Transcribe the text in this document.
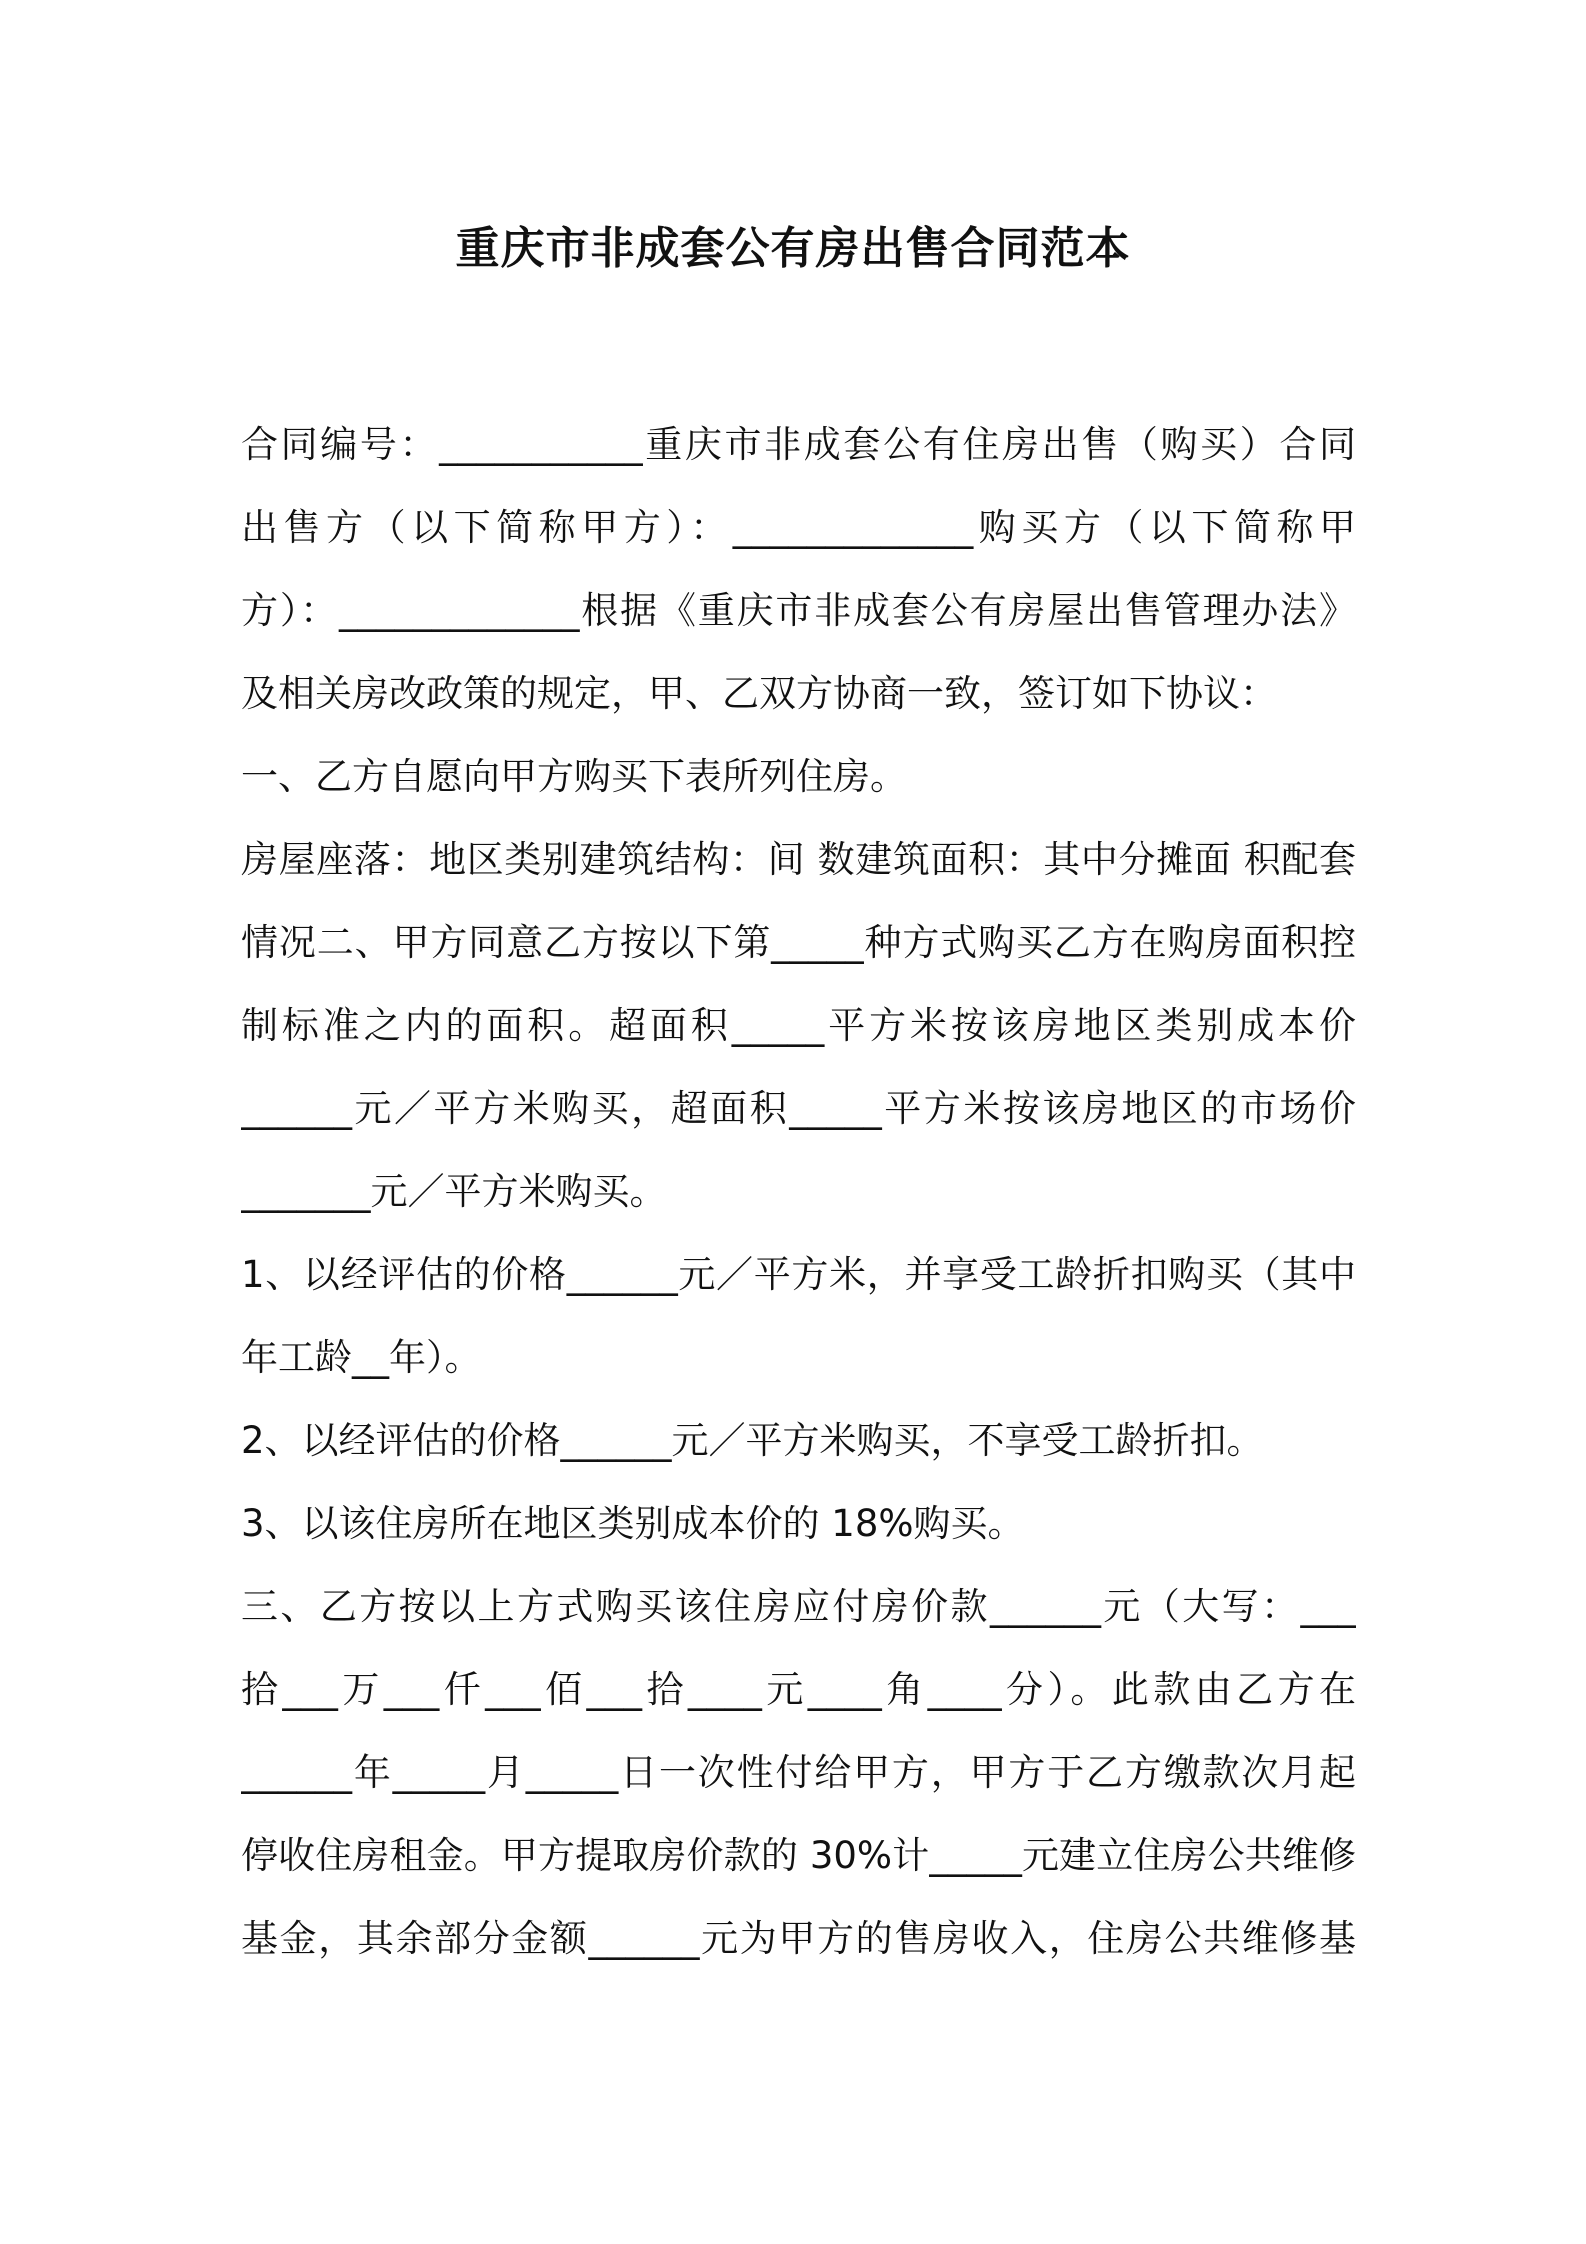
重庆市非成套公有房出售合同范本
合同编号：___________重庆市非成套公有住房出售（购买）合同
出售方（以下简称甲方）：_____________购买方（以下简称甲
方）：_____________根据《重庆市非成套公有房屋出售管理办法》
及相关房改政策的规定，甲、乙双方协商一致，签订如下协议：
一、乙方自愿向甲方购买下表所列住房。
房屋座落：地区类别建筑结构：间 数建筑面积：其中分摊面 积配套
情况二、甲方同意乙方按以下第_____种方式购买乙方在购房面积控
制标准之内的面积。超面积_____平方米按该房地区类别成本价
______元／平方米购买，超面积_____平方米按该房地区的市场价
_______元／平方米购买。
1、以经评估的价格______元／平方米，并享受工龄折扣购买（其中
年工龄__年）。
2、以经评估的价格______元／平方米购买，不享受工龄折扣。
3、以该住房所在地区类别成本价的 18%购买。
三、乙方按以上方式购买该住房应付房价款______元（大写：___
拾___万___仟___佰___拾____元____角____分）。此款由乙方在
______年_____月_____日一次性付给甲方，甲方于乙方缴款次月起
停收住房租金。甲方提取房价款的 30%计_____元建立住房公共维修
基金，其余部分金额______元为甲方的售房收入，住房公共维修基
